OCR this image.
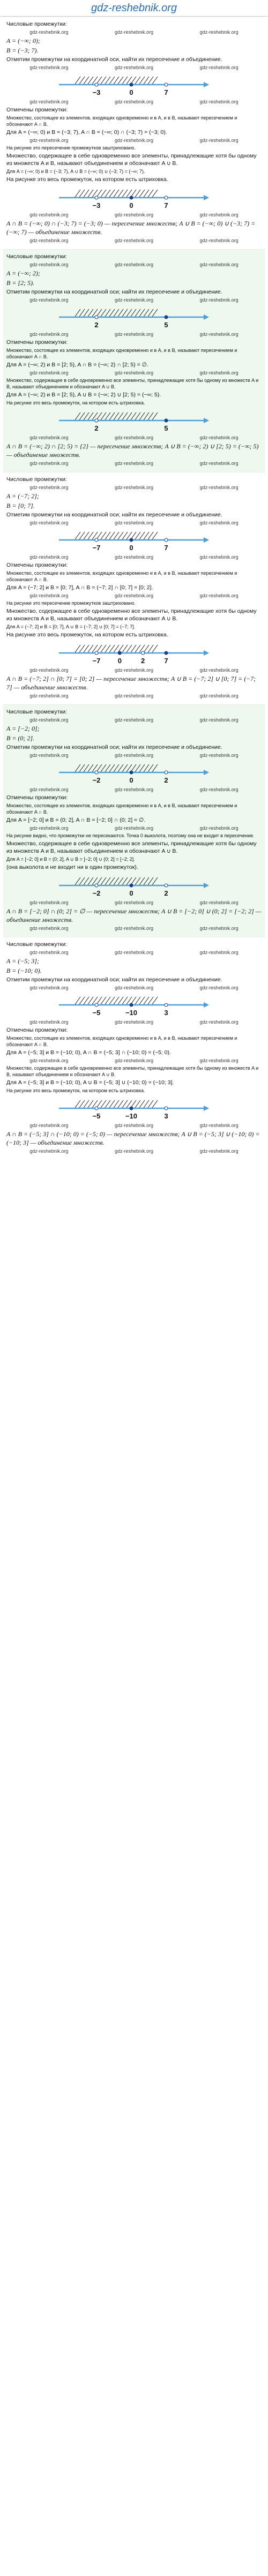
gdz-reshebnik.org
Числовые промежутки:
gdz-reshebnik.org	gdz-reshebnik.org	gdz-reshebnik.org
A = (−∞; 0);
B = (−3; 7).
Отметим промежутки на координатной оси, найти их пересечение и объединение.
gdz-reshebnik.org	gdz-reshebnik.org	gdz-reshebnik.org
−3	0	7
gdz-reshebnik.org	gdz-reshebnik.org	gdz-reshebnik.org
Отмечены промежутки:
Множество, состоящее из элементов, входящих одновременно и в A, и в B, называют пересечением и обозначают A ∩ B.
Для A = (−∞; 0) и B = (−3; 7), A ∩ B = (−∞; 0) ∩ (−3; 7) = (−3; 0).
gdz-reshebnik.org	gdz-reshebnik.org	gdz-reshebnik.org
На рисунке это пересечение промежутков заштриховано.
Множество, содержащее в себе одновременно все элементы, принадлежащие хотя бы одному из множеств A и B, называют объединением и обозначают A ∪ B.
Для A = (−∞; 0) и B = (−3; 7), A ∪ B = (−∞; 0) ∪ (−3; 7) = (−∞; 7).
На рисунке это весь промежуток, на котором есть штриховка.
−3	0	7
gdz-reshebnik.org	gdz-reshebnik.org	gdz-reshebnik.org
A ∩ B = (−∞; 0) ∩ (−3; 7) = (−3; 0) — пересечение множеств; A ∪ B = (−∞; 0) ∪ (−3; 7) = (−∞; 7) — объединение множеств.
gdz-reshebnik.org	gdz-reshebnik.org	gdz-reshebnik.org
Числовые промежутки:
gdz-reshebnik.org	gdz-reshebnik.org	gdz-reshebnik.org
A = (−∞; 2);
B = [2; 5).
Отметим промежутки на координатной оси; найти их пересечение и объединение.
gdz-reshebnik.org	gdz-reshebnik.org	gdz-reshebnik.org
2	5
gdz-reshebnik.org	gdz-reshebnik.org	gdz-reshebnik.org
Отмечены промежутки:
Множество, состоящее из элементов, входящих одновременно и в A, и в B, называют пересечением и обозначают A ∩ B.
Для A = (−∞; 2) и B = [2; 5), A ∩ B = (−∞; 2) ∩ [2; 5) = ∅.
gdz-reshebnik.org	gdz-reshebnik.org	gdz-reshebnik.org
Множество, содержащее в себе одновременно все элементы, принадлежащие хотя бы одному из множеств A и B, называют объединением и обозначают A ∪ B.
Для A = (−∞; 2) и B = [2; 5), A ∪ B = (−∞; 2) ∪ [2; 5) = (−∞; 5).
На рисунке это весь промежуток, на котором есть штриховка.
2	5
gdz-reshebnik.org	gdz-reshebnik.org	gdz-reshebnik.org
A ∩ B = (−∞; 2) ∩ [2; 5) = {2} — пересечение множеств; A ∪ B = (−∞; 2) ∪ [2; 5) = (−∞; 5) — объединение множеств.
gdz-reshebnik.org	gdz-reshebnik.org	gdz-reshebnik.org
Числовые промежутки:
gdz-reshebnik.org	gdz-reshebnik.org	gdz-reshebnik.org
A = (−7; 2];
B = [0; 7].
Отметим промежутки на координатной оси; найти их пересечение и объединение.
gdz-reshebnik.org	gdz-reshebnik.org	gdz-reshebnik.org
−7	0	7
gdz-reshebnik.org	gdz-reshebnik.org	gdz-reshebnik.org
Отмечены промежутки:
Множество, состоящее из элементов, входящих одновременно и в A, и в B, называют пересечением и обозначают A ∩ B.
Для A = (−7; 2] и B = [0; 7], A ∩ B = (−7; 2] ∩ [0; 7] = [0; 2].
gdz-reshebnik.org	gdz-reshebnik.org	gdz-reshebnik.org
На рисунке это пересечение промежутков заштриховано.
Множество, содержащее в себе одновременно все элементы, принадлежащие хотя бы одному из множеств A и B, называют объединением и обозначают A ∪ B.
Для A = (−7; 2] и B = [0; 7], A ∪ B = (−7; 2] ∪ [0; 7] = (−7; 7].
На рисунке это весь промежуток, на котором есть штриховка.
−7 0	2	7
gdz-reshebnik.org	gdz-reshebnik.org	gdz-reshebnik.org
A ∩ B = (−7; 2] ∩ [0; 7] = [0; 2] — пересечение множеств; A ∪ B = (−7; 2] ∪ [0; 7] = (−7; 7] — объединение множеств.
gdz-reshebnik.org	gdz-reshebnik.org	gdz-reshebnik.org
Числовые промежутки:
gdz-reshebnik.org	gdz-reshebnik.org	gdz-reshebnik.org
A = [−2; 0];
B = (0; 2].
Отметим промежутки на координатной оси; найти их пересечение и объединение.
gdz-reshebnik.org	gdz-reshebnik.org	gdz-reshebnik.org
−2	0	2
gdz-reshebnik.org	gdz-reshebnik.org	gdz-reshebnik.org
Отмечены промежутки:
Множество, состоящее из элементов, входящих одновременно и в A, и в B, называют пересечением и обозначают A ∩ B.
Для A = [−2; 0] и B = (0; 2], A ∩ B = [−2; 0] ∩ (0; 2] = ∅.
gdz-reshebnik.org	gdz-reshebnik.org	gdz-reshebnik.org
На рисунке видно, что промежутки не пересекаются. Точка 0 выколота, поэтому она не входит в пересечение.
Множество, содержащее в себе одновременно все элементы, принадлежащие хотя бы одному из множеств A и B, называют объединением и обозначают A ∪ B.
Для A = [−2; 0] и B = (0; 2], A ∪ B = [−2; 0] ∪ (0; 2] = [−2; 2].
(она выколота и не входит ни в один промежуток).
−2	0	2
gdz-reshebnik.org	gdz-reshebnik.org	gdz-reshebnik.org
A ∩ B = [−2; 0] ∩ (0; 2] = ∅ — пересечение множеств; A ∪ B = [−2; 0] ∪ (0; 2] = [−2; 2] — объединение множеств.
gdz-reshebnik.org	gdz-reshebnik.org	gdz-reshebnik.org
Числовые промежутки:
gdz-reshebnik.org	gdz-reshebnik.org	gdz-reshebnik.org
A = (−5; 3];
B = (−10; 0).
Отметим промежутки на координатной оси; найти их пересечение и объединение.
gdz-reshebnik.org	gdz-reshebnik.org	gdz-reshebnik.org
−5	−10	3
gdz-reshebnik.org	gdz-reshebnik.org	gdz-reshebnik.org
Отмечены промежутки:
Множество, состоящее из элементов, входящих одновременно и в A, и в B, называют пересечением и обозначают A ∩ B.
Для A = (−5; 3] и B = (−10; 0), A ∩ B = (−5; 3] ∩ (−10; 0) = (−5; 0).
gdz-reshebnik.org	gdz-reshebnik.org	gdz-reshebnik.org
Множество, содержащее в себе одновременно все элементы, принадлежащие хотя бы одному из множеств A и B, называют объединением и обозначают A ∪ B.
Для A = (−5; 3] и B = (−10; 0), A ∪ B = (−5; 3] ∪ (−10; 0) = (−10; 3].
На рисунке это весь промежуток, на котором есть штриховка.
−5	−10	3
gdz-reshebnik.org	gdz-reshebnik.org	gdz-reshebnik.org
A ∩ B = (−5; 3] ∩ (−10; 0) = (−5; 0) — пересечение множеств; A ∪ B = (−5; 3] ∪ (−10; 0) = (−10; 3] — объединение множеств.
gdz-reshebnik.org	gdz-reshebnik.org	gdz-reshebnik.org
